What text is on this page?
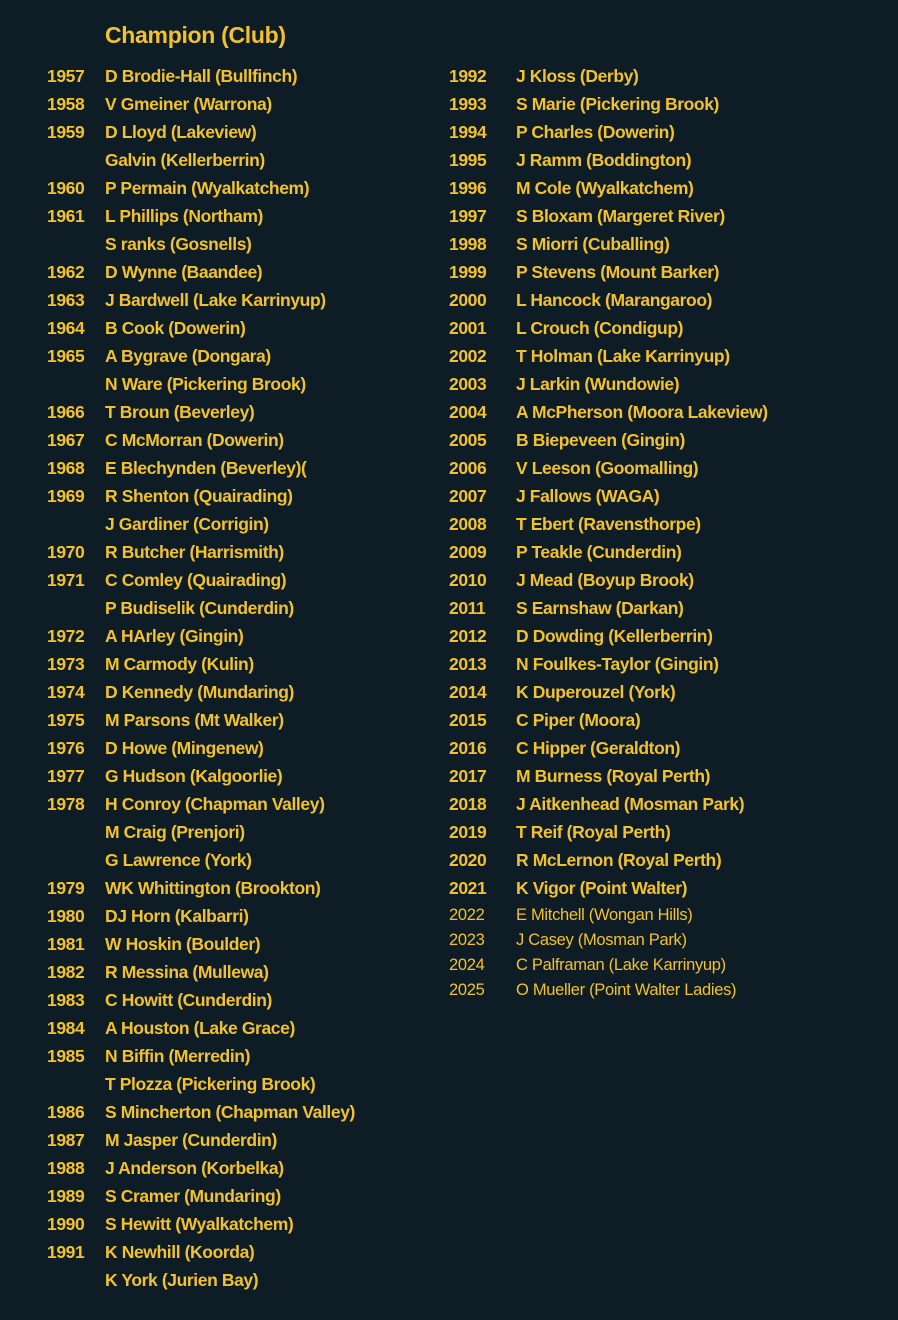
Champion (Club)
1957 D Brodie-Hall (Bullfinch)
1958 V Gmeiner (Warrona)
1959 D Lloyd (Lakeview)
Galvin (Kellerberrin)
1960 P Permain (Wyalkatchem)
1961 L Phillips (Northam)
S ranks (Gosnells)
1962 D Wynne (Baandee)
1963 J Bardwell (Lake Karrinyup)
1964 B Cook (Dowerin)
1965 A Bygrave (Dongara)
N Ware (Pickering Brook)
1966 T Broun (Beverley)
1967 C McMorran (Dowerin)
1968 E Blechynden (Beverley)(
1969 R Shenton (Quairading)
J Gardiner (Corrigin)
1970 R Butcher (Harrismith)
1971 C Comley (Quairading)
P Budiselik (Cunderdin)
1972 A HArley (Gingin)
1973 M Carmody (Kulin)
1974 D Kennedy (Mundaring)
1975 M Parsons (Mt Walker)
1976 D Howe (Mingenew)
1977 G Hudson (Kalgoorlie)
1978 H Conroy (Chapman Valley)
M Craig (Prenjori)
G Lawrence (York)
1979 WK Whittington (Brookton)
1980 DJ Horn (Kalbarri)
1981 W Hoskin (Boulder)
1982 R Messina (Mullewa)
1983 C Howitt (Cunderdin)
1984 A Houston (Lake Grace)
1985 N Biffin (Merredin)
T Plozza (Pickering Brook)
1986 S Mincherton (Chapman Valley)
1987 M Jasper (Cunderdin)
1988 J Anderson (Korbelka)
1989 S Cramer (Mundaring)
1990 S Hewitt (Wyalkatchem)
1991 K Newhill (Koorda)
K York (Jurien Bay)
1992 J Kloss (Derby)
1993 S Marie (Pickering Brook)
1994 P Charles (Dowerin)
1995 J Ramm (Boddington)
1996 M Cole (Wyalkatchem)
1997 S Bloxam (Margeret River)
1998 S Miorri (Cuballing)
1999 P Stevens (Mount Barker)
2000 L Hancock (Marangaroo)
2001 L Crouch (Condigup)
2002 T Holman (Lake Karrinyup)
2003 J Larkin (Wundowie)
2004 A McPherson (Moora Lakeview)
2005 B Biepeveen (Gingin)
2006 V Leeson (Goomalling)
2007 J Fallows (WAGA)
2008 T Ebert (Ravensthorpe)
2009 P Teakle (Cunderdin)
2010 J Mead (Boyup Brook)
2011 S Earnshaw (Darkan)
2012 D Dowding (Kellerberrin)
2013 N Foulkes-Taylor (Gingin)
2014 K Duperouzel (York)
2015 C Piper (Moora)
2016 C Hipper (Geraldton)
2017 M Burness (Royal Perth)
2018 J Aitkenhead (Mosman Park)
2019 T Reif (Royal Perth)
2020 R McLernon (Royal Perth)
2021 K Vigor (Point Walter)
2022 E Mitchell (Wongan Hills)
2023 J Casey (Mosman Park)
2024 C Palframan (Lake Karrinyup)
2025 O Mueller (Point Walter Ladies)
